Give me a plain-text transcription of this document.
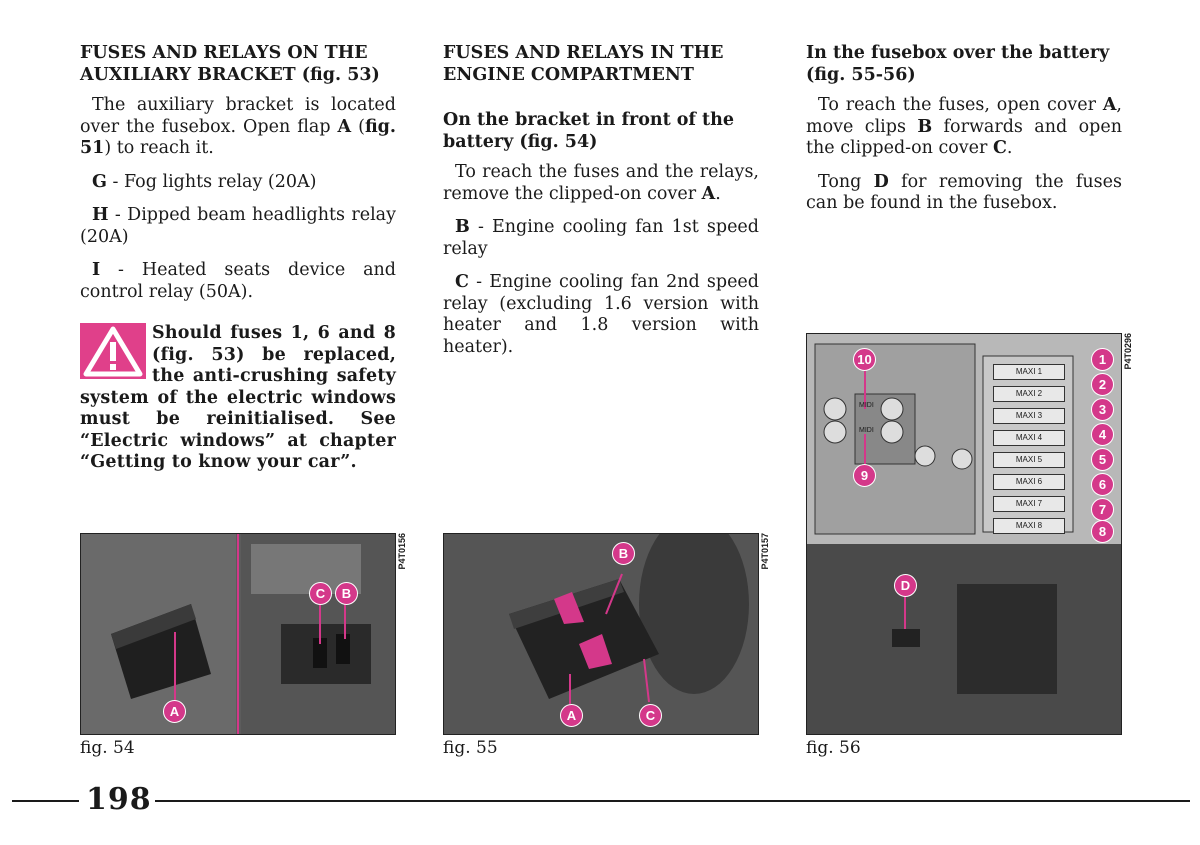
FUSES AND RELAYS ON THE AUXILIARY BRACKET (fig. 53)

The auxiliary bracket is located over the fusebox. Open flap A (fig. 51) to reach it.

G - Fog lights relay (20A)

H - Dipped beam headlights relay (20A)

I - Heated seats device and control relay (50A).

Should fuses 1, 6 and 8 (fig. 53) be replaced, the anti-crushing safety system of the electric windows must be reinitialised. See “Electric windows” at chapter “Getting to know your car”.
FUSES AND RELAYS IN THE ENGINE COMPARTMENT
On the bracket in front of the battery (fig. 54)

To reach the fuses and the relays, remove the clipped-on cover A.

B - Engine cooling fan 1st speed relay

C - Engine cooling fan 2nd speed relay (excluding 1.6 version with heater and 1.8 version with heater).

In the fusebox over the battery (fig. 55-56)

To reach the fuses, open cover A, move clips B forwards and open the clipped-on cover C.

Tong D for removing the fuses can be found in the fusebox.

C	B
A
P4T0156
fig. 54
B
A	C
P4T0157
fig. 55
MAXI 1
MAXI 2
MAXI 3
MAXI 4
MAXI 5
MAXI 6
MAXI 7
MAXI 8
MIDI
MIDI
10
9
1
2
3
4
5
6
7
8
D
P4T0296
fig. 56
198
